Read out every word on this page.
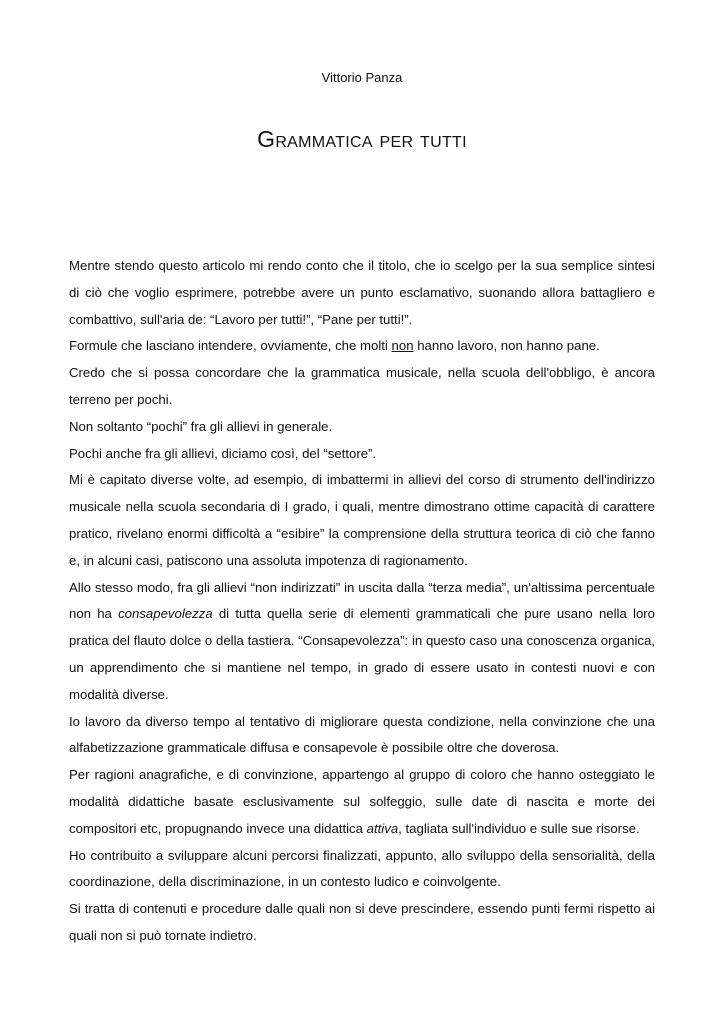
Vittorio Panza
Grammatica per tutti

Mentre stendo questo articolo mi rendo conto che il titolo, che io scelgo per la sua semplice sintesi di ciò che voglio esprimere, potrebbe avere un punto esclamativo, suonando allora battagliero e combattivo, sull'aria de: “Lavoro per tutti!”, “Pane per tutti!”.

Formule che lasciano intendere, ovviamente, che molti non hanno lavoro, non hanno pane.

Credo che si possa concordare che la grammatica musicale, nella scuola dell'obbligo, è ancora terreno per pochi.

Non soltanto “pochi” fra gli allievi in generale.

Pochi anche fra gli allievi, diciamo così, del “settore”.

Mi è capitato diverse volte, ad esempio, di imbattermi in allievi del corso di strumento dell'indirizzo musicale nella scuola secondaria di I grado, i quali, mentre dimostrano ottime capacità di carattere pratico, rivelano enormi difficoltà a “esibire” la comprensione della struttura teorica di ciò che fanno e, in alcuni casi, patiscono una assoluta impotenza di ragionamento.

Allo stesso modo, fra gli allievi “non indirizzati” in uscita dalla “terza media”, un'altissima percentuale non ha consapevolezza di tutta quella serie di elementi grammaticali che pure usano nella loro pratica del flauto dolce o della tastiera. “Consapevolezza”: in questo caso una conoscenza organica, un apprendimento che si mantiene nel tempo, in grado di essere usato in contesti nuovi e con modalità diverse.

Io lavoro da diverso tempo al tentativo di migliorare questa condizione, nella convinzione che una alfabetizzazione grammaticale diffusa e consapevole è possibile oltre che doverosa.

Per ragioni anagrafiche, e di convinzione, appartengo al gruppo di coloro che hanno osteggiato le modalità didattiche basate esclusivamente sul solfeggio, sulle date di nascita e morte dei compositori etc, propugnando invece una didattica attiva, tagliata sull'individuo e sulle sue risorse.

Ho contribuito a sviluppare alcuni percorsi finalizzati, appunto, allo sviluppo della sensorialità, della coordinazione, della discriminazione, in un contesto ludico e coinvolgente.

Si tratta di contenuti e procedure dalle quali non si deve prescindere, essendo punti fermi rispetto ai quali non si può tornate indietro.
